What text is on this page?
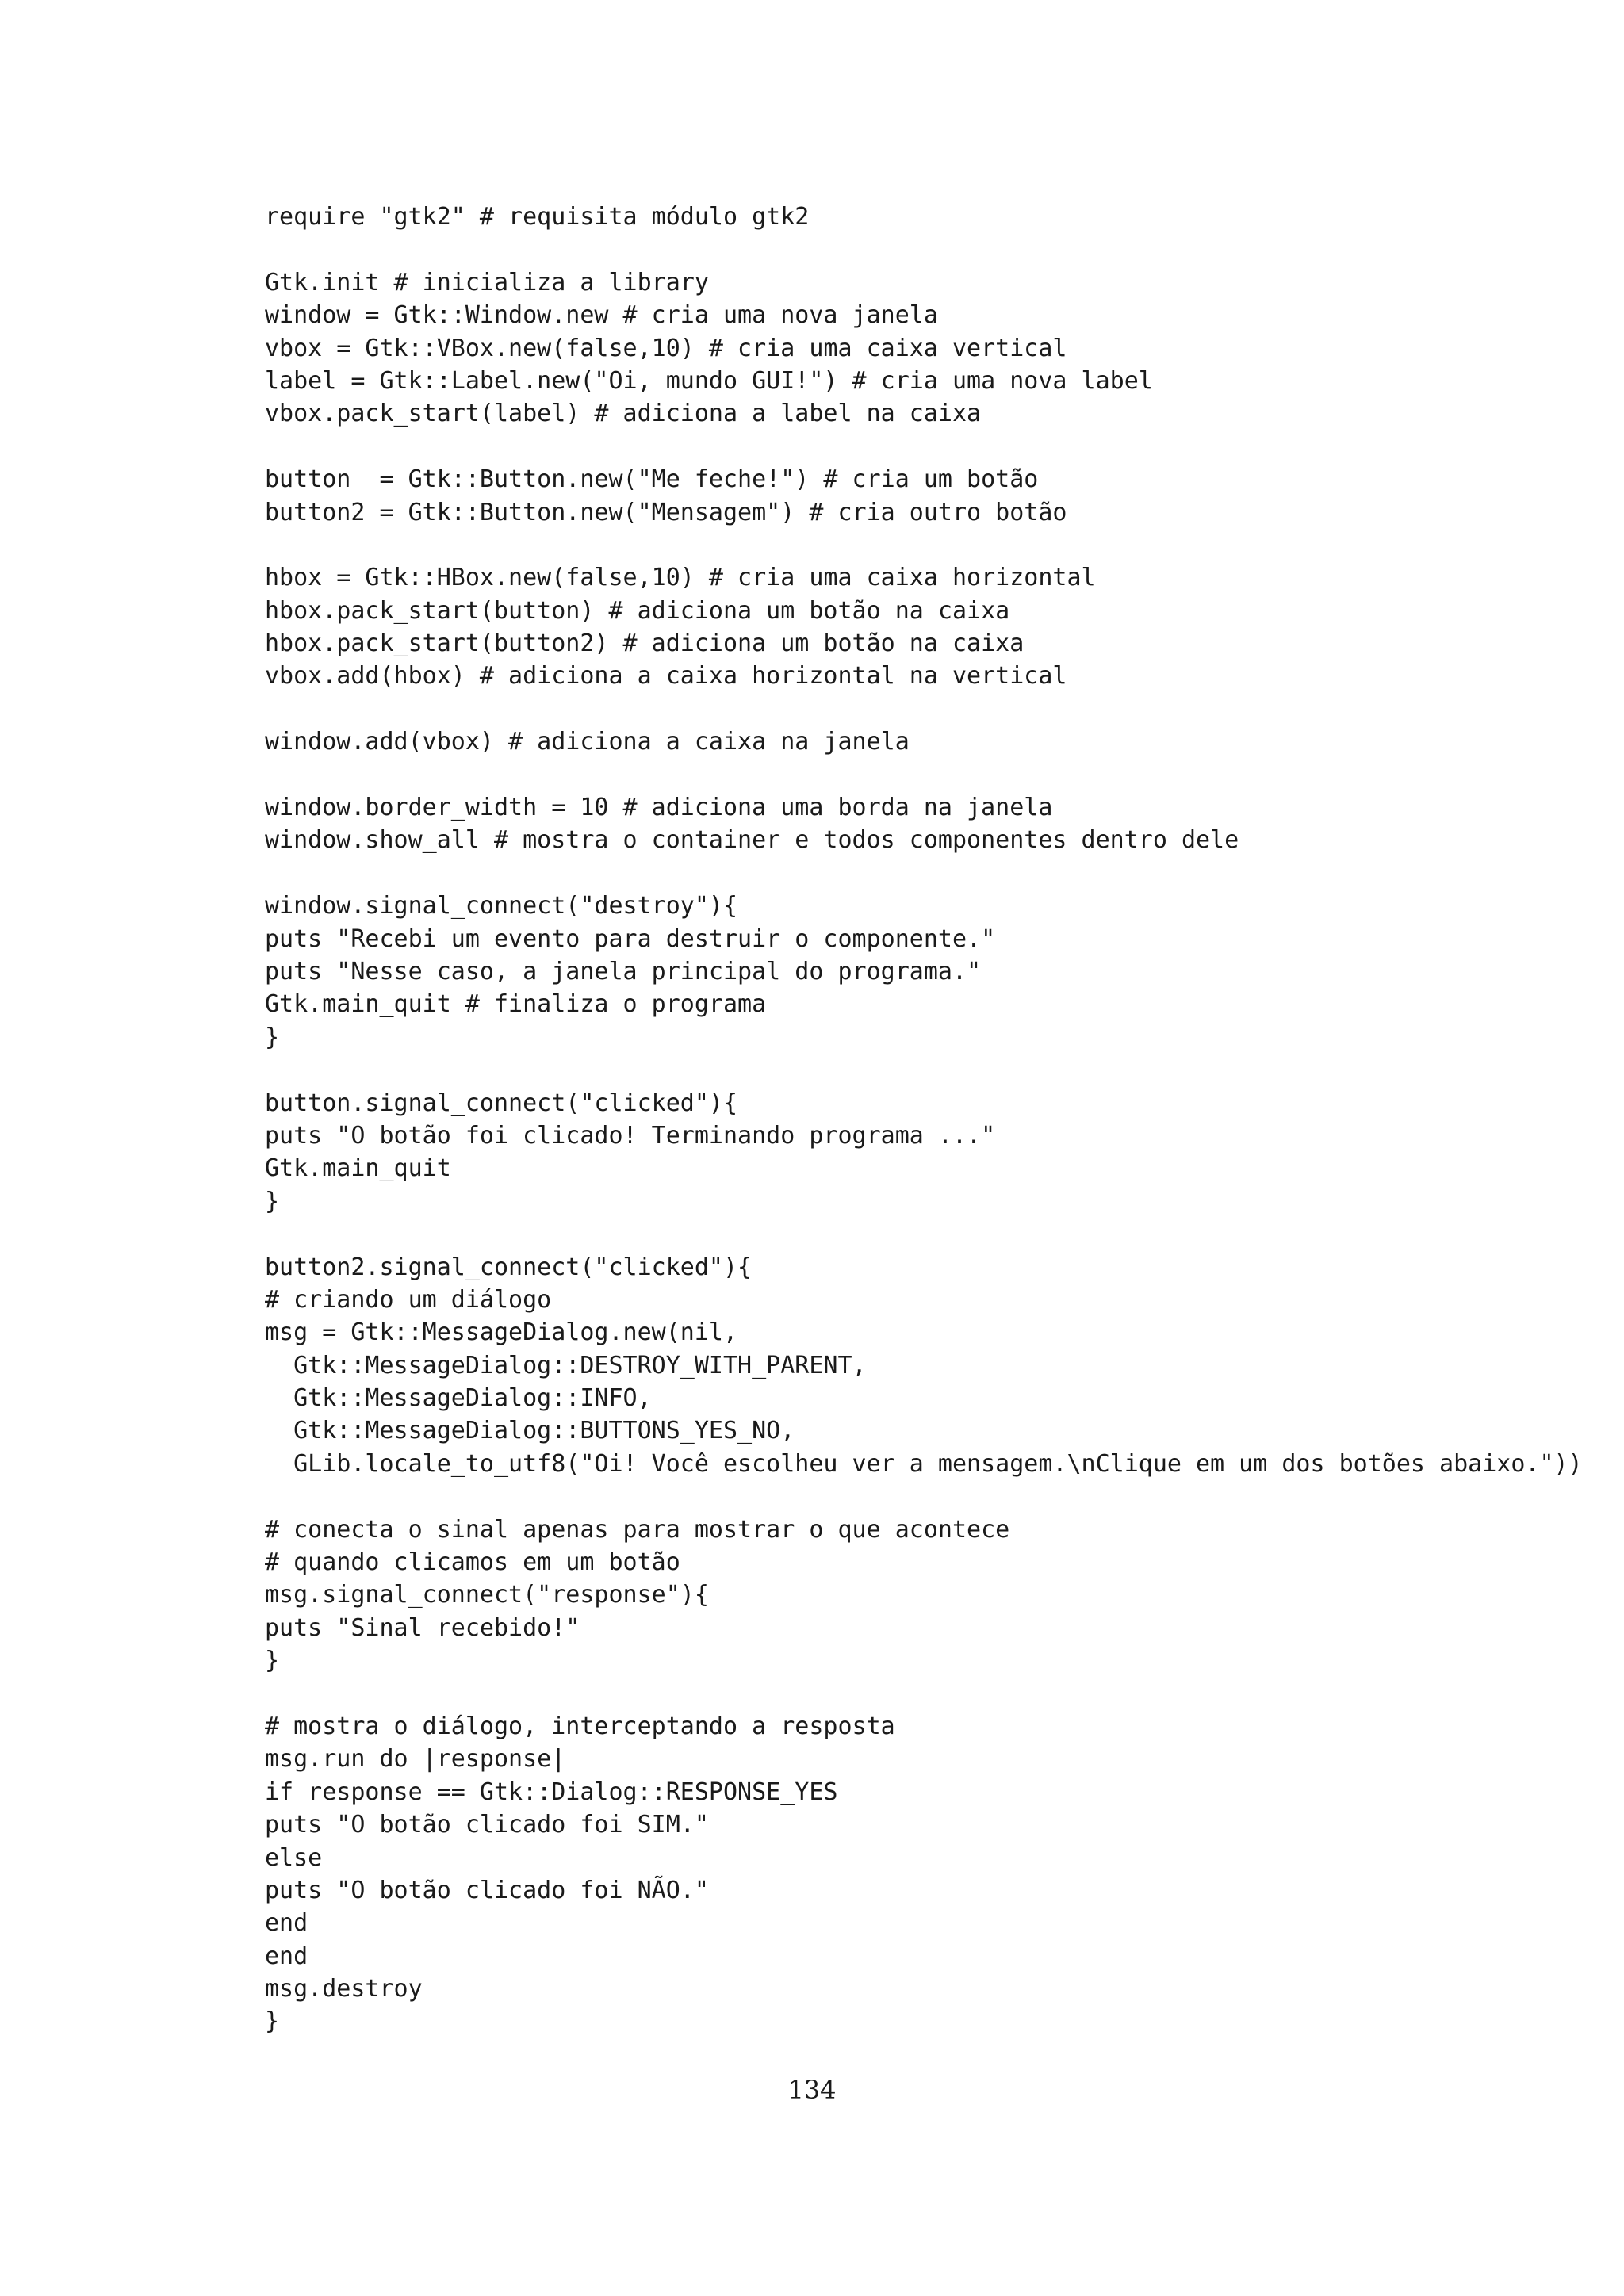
require "gtk2" # requisita módulo gtk2

Gtk.init # inicializa a library
window = Gtk::Window.new # cria uma nova janela
vbox = Gtk::VBox.new(false,10) # cria uma caixa vertical
label = Gtk::Label.new("Oi, mundo GUI!") # cria uma nova label
vbox.pack_start(label) # adiciona a label na caixa

button  = Gtk::Button.new("Me feche!") # cria um botão
button2 = Gtk::Button.new("Mensagem") # cria outro botão

hbox = Gtk::HBox.new(false,10) # cria uma caixa horizontal
hbox.pack_start(button) # adiciona um botão na caixa
hbox.pack_start(button2) # adiciona um botão na caixa
vbox.add(hbox) # adiciona a caixa horizontal na vertical

window.add(vbox) # adiciona a caixa na janela

window.border_width = 10 # adiciona uma borda na janela
window.show_all # mostra o container e todos componentes dentro dele

window.signal_connect("destroy"){
puts "Recebi um evento para destruir o componente."
puts "Nesse caso, a janela principal do programa."
Gtk.main_quit # finaliza o programa
}

button.signal_connect("clicked"){
puts "O botão foi clicado! Terminando programa ..."
Gtk.main_quit
}

button2.signal_connect("clicked"){
# criando um diálogo
msg = Gtk::MessageDialog.new(nil,
Gtk::MessageDialog::DESTROY_WITH_PARENT,
Gtk::MessageDialog::INFO,
Gtk::MessageDialog::BUTTONS_YES_NO,
GLib.locale_to_utf8("Oi! Você escolheu ver a mensagem.\nClique em um dos botões abaixo."))

# conecta o sinal apenas para mostrar o que acontece
# quando clicamos em um botão
msg.signal_connect("response"){
puts "Sinal recebido!"
}

# mostra o diálogo, interceptando a resposta
msg.run do |response|
if response == Gtk::Dialog::RESPONSE_YES
puts "O botão clicado foi SIM."
else
puts "O botão clicado foi NÃO."
end
end
msg.destroy
}
134
